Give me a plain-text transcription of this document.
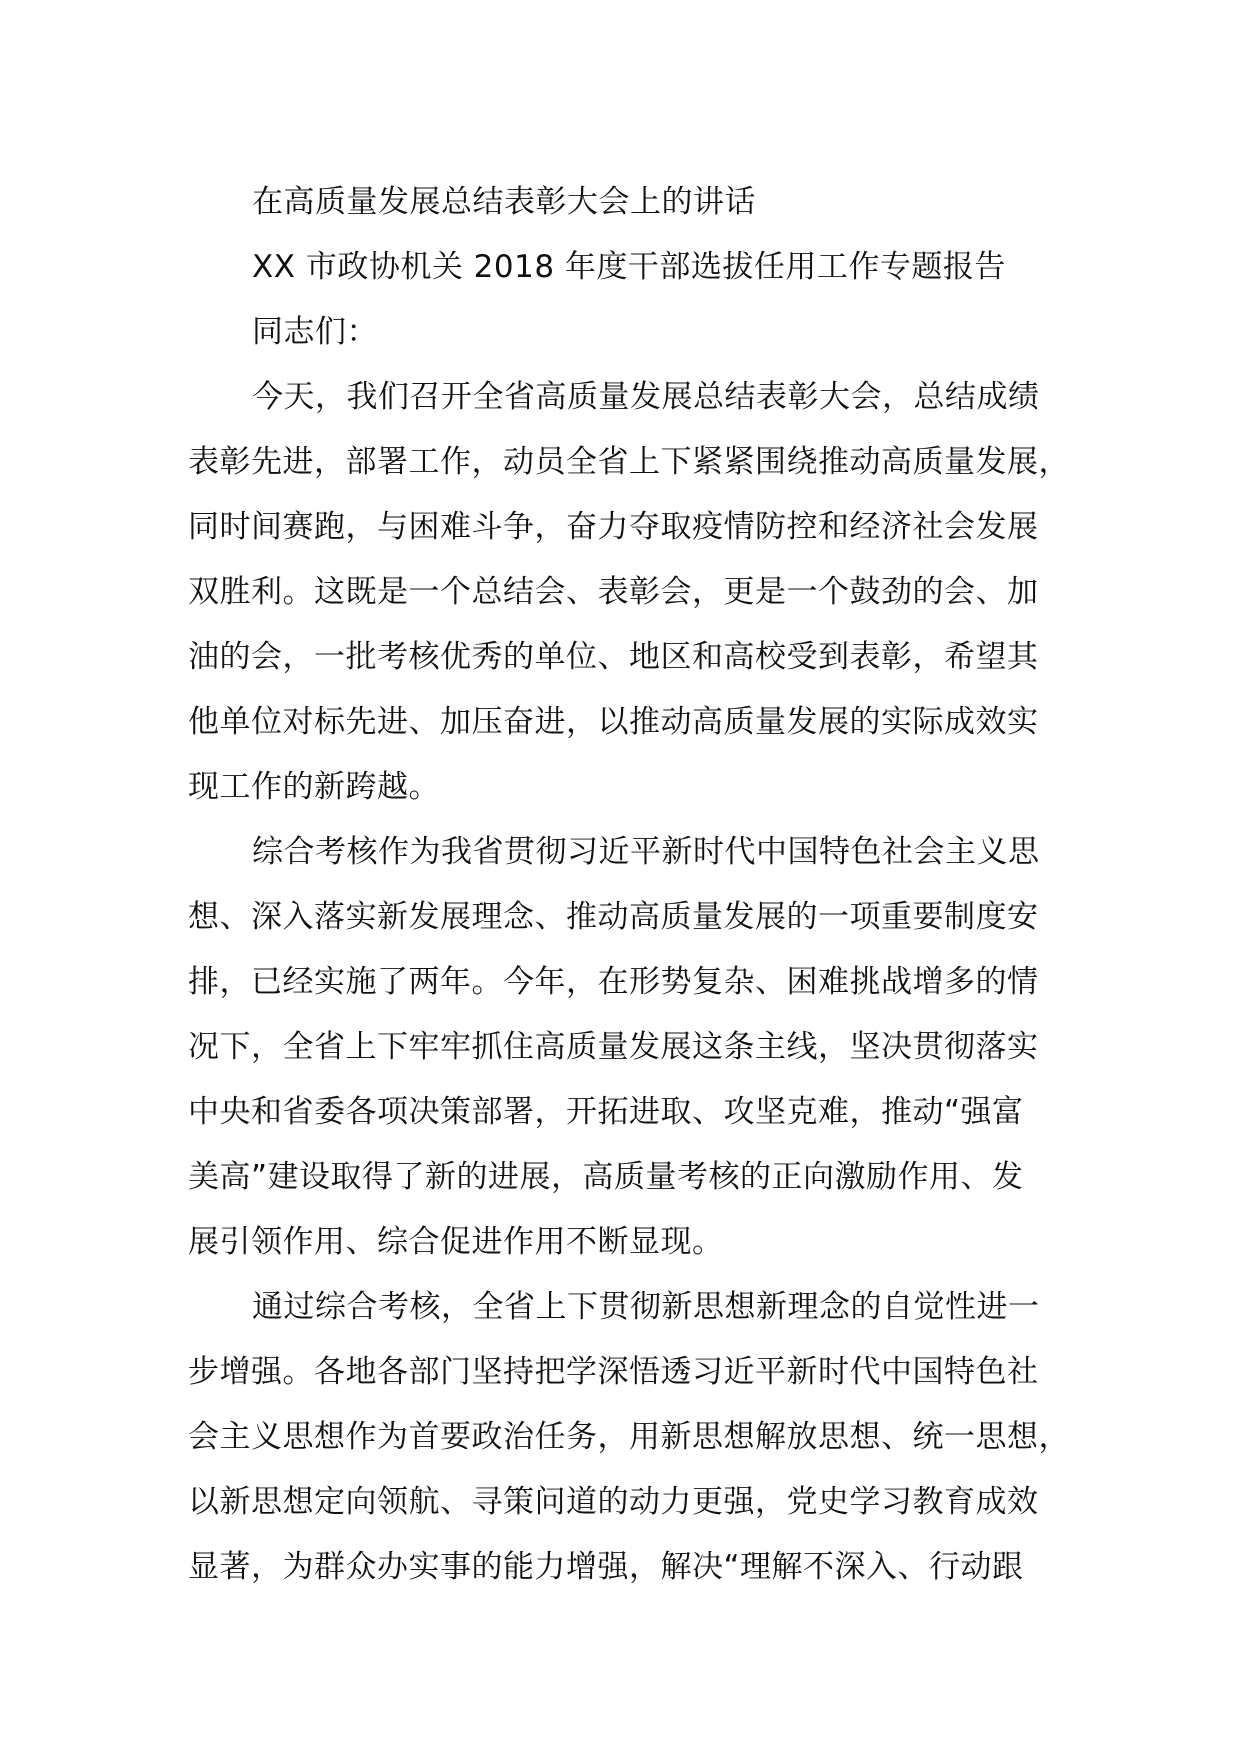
在高质量发展总结表彰大会上的讲话

XX 市政协机关 2018 年度干部选拔任用工作专题报告

同志们：

今天，我们召开全省高质量发展总结表彰大会，总结成绩

表彰先进，部署工作，动员全省上下紧紧围绕推动高质量发展，

同时间赛跑，与困难斗争，奋力夺取疫情防控和经济社会发展

双胜利。这既是一个总结会、表彰会，更是一个鼓劲的会、加

油的会，一批考核优秀的单位、地区和高校受到表彰，希望其

他单位对标先进、加压奋进，以推动高质量发展的实际成效实

现工作的新跨越。

综合考核作为我省贯彻习近平新时代中国特色社会主义思

想、深入落实新发展理念、推动高质量发展的一项重要制度安

排，已经实施了两年。今年，在形势复杂、困难挑战增多的情

况下，全省上下牢牢抓住高质量发展这条主线，坚决贯彻落实

中央和省委各项决策部署，开拓进取、攻坚克难，推动“强富

美高”建设取得了新的进展，高质量考核的正向激励作用、发

展引领作用、综合促进作用不断显现。

通过综合考核，全省上下贯彻新思想新理念的自觉性进一

步增强。各地各部门坚持把学深悟透习近平新时代中国特色社

会主义思想作为首要政治任务，用新思想解放思想、统一思想，

以新思想定向领航、寻策问道的动力更强，党史学习教育成效

显著，为群众办实事的能力增强，解决“理解不深入、行动跟
